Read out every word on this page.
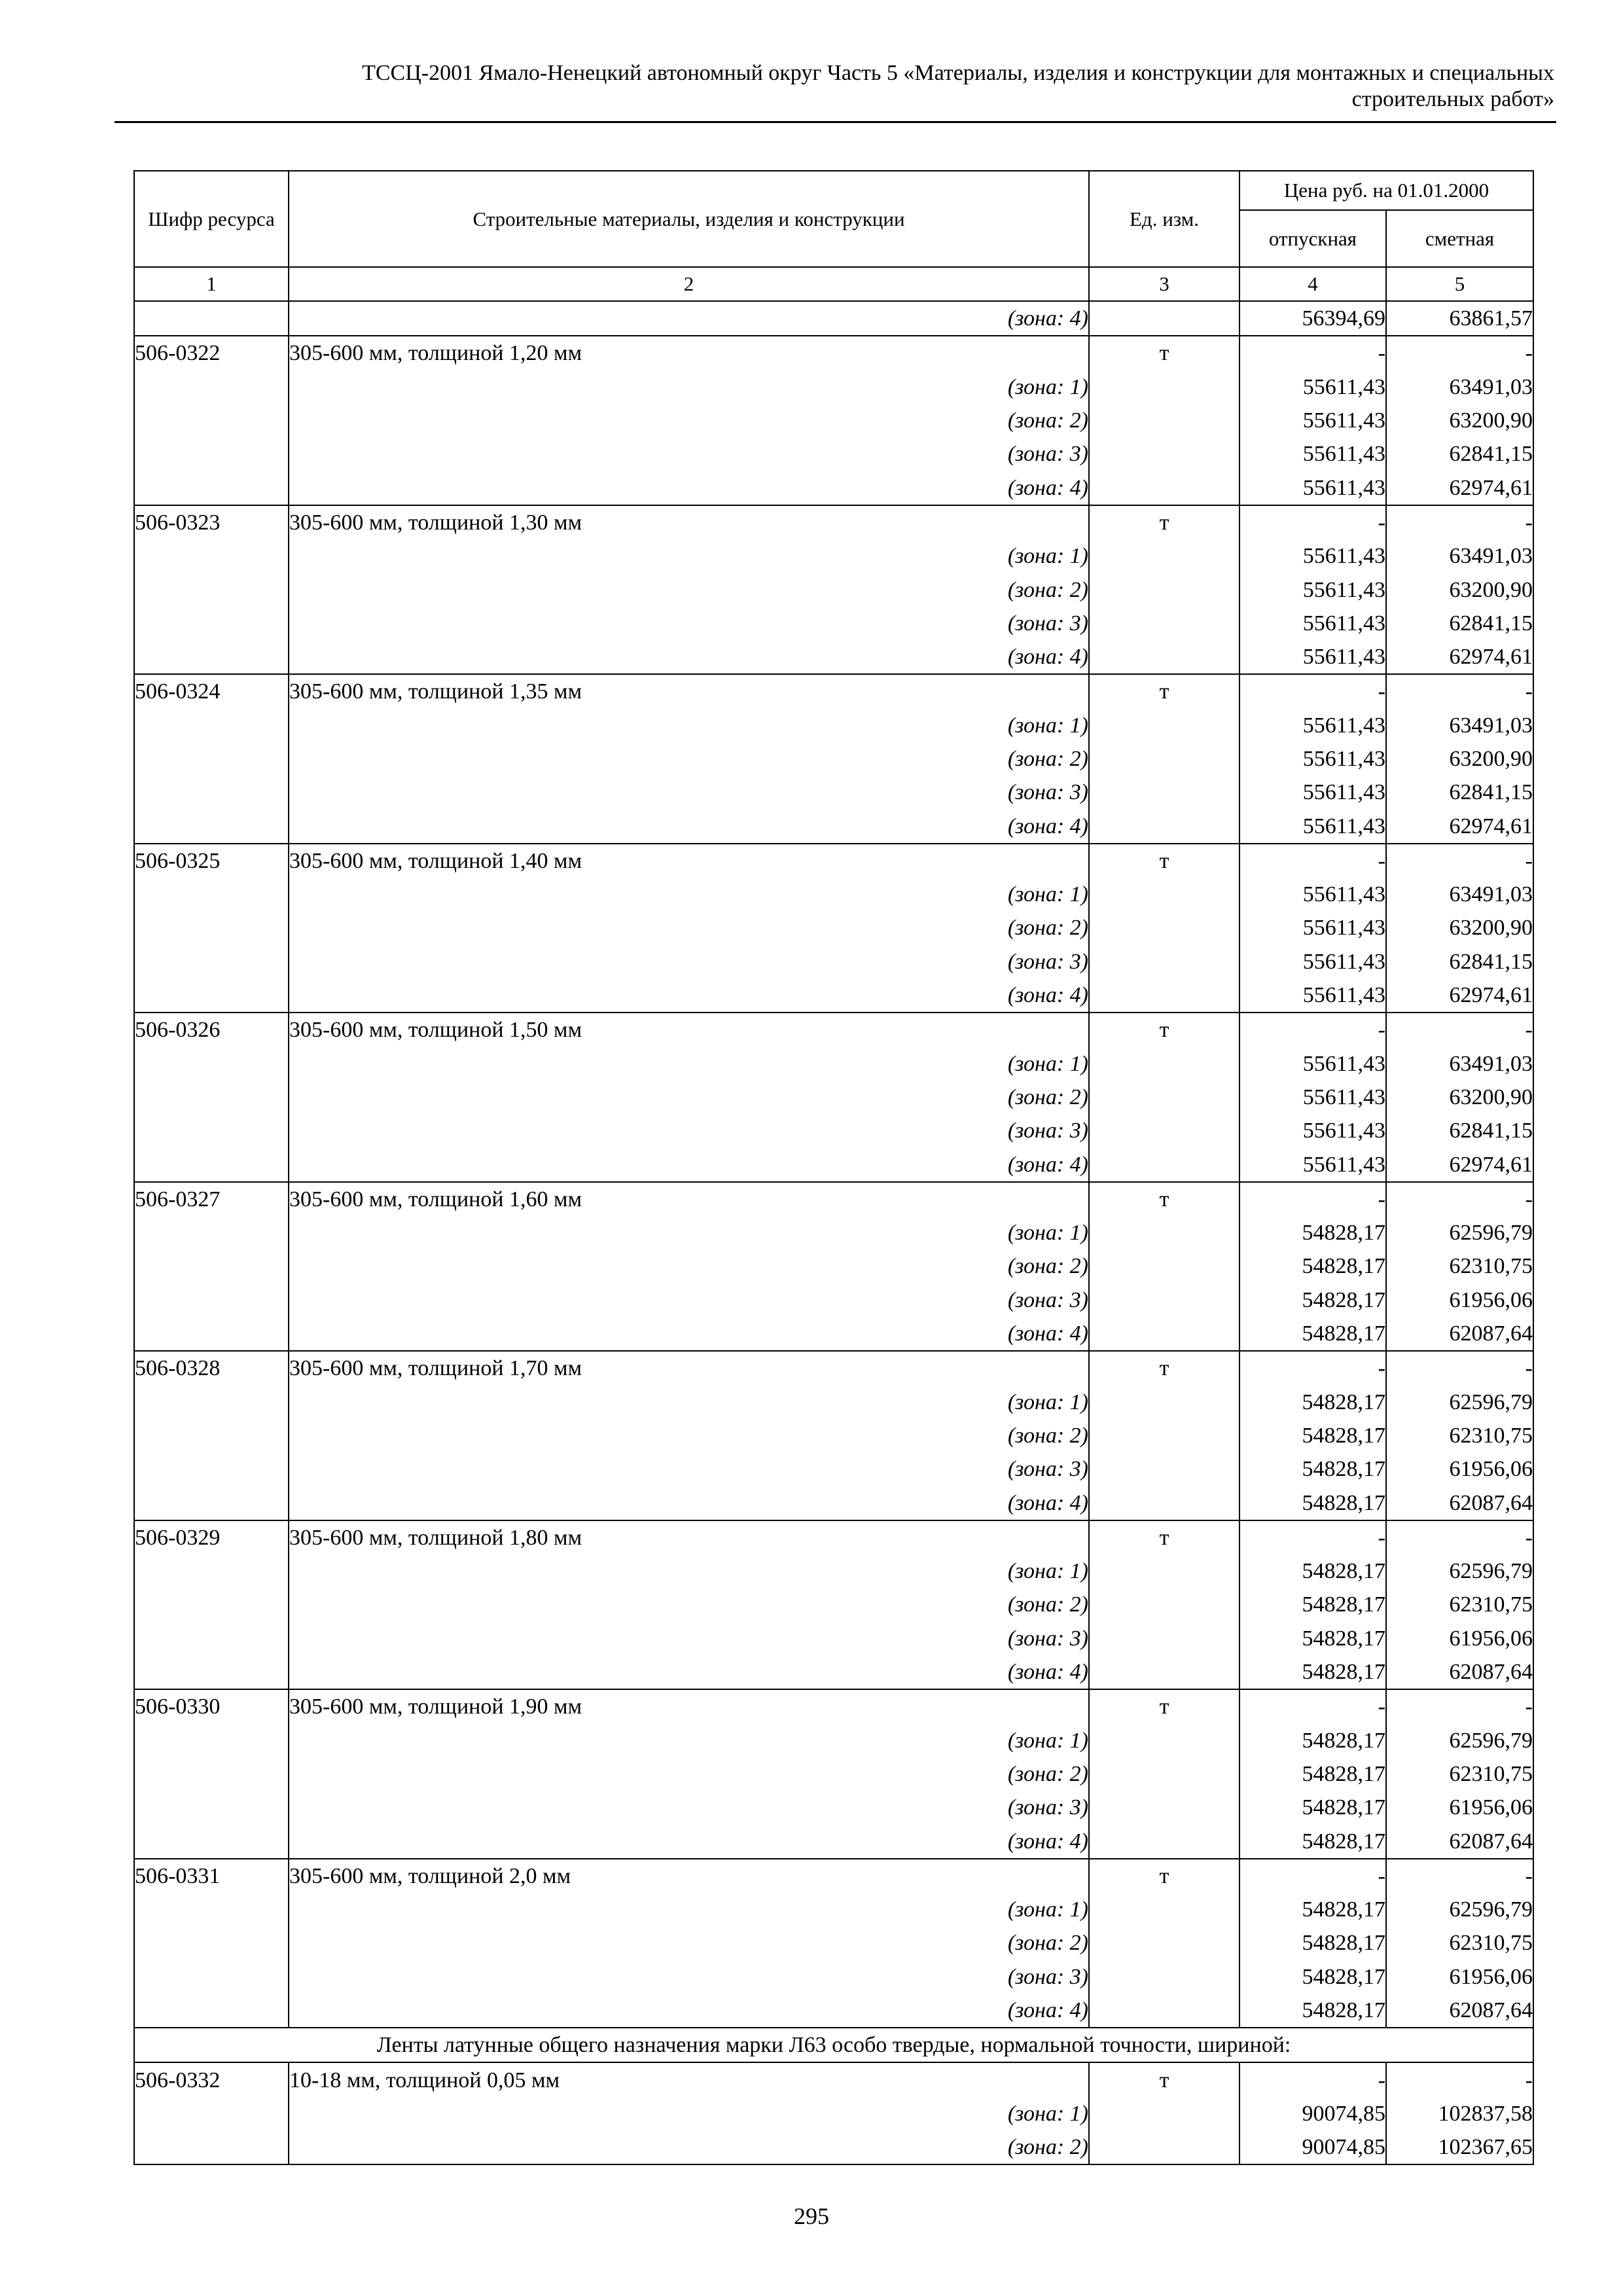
ТССЦ-2001 Ямало-Ненецкий автономный округ Часть 5 «Материалы, изделия и конструкции для монтажных и специальных
строительных работ»
Шифр ресурса	Строительные материалы, изделия и конструкции	Ед. изм.	Цена руб. на 01.01.2000	
			отпускная	сметная
1	2	3	4	5
	(зона: 4)		56394,69	63861,57
506-0322	305-600 мм, толщиной 1,20 мм	т	-	-
	(зона: 1)		55611,43	63491,03
	(зона: 2)		55611,43	63200,90
	(зона: 3)		55611,43	62841,15
	(зона: 4)		55611,43	62974,61
506-0323	305-600 мм, толщиной 1,30 мм	т	-	-
	(зона: 1)		55611,43	63491,03
	(зона: 2)		55611,43	63200,90
	(зона: 3)		55611,43	62841,15
	(зона: 4)		55611,43	62974,61
506-0324	305-600 мм, толщиной 1,35 мм	т	-	-
	(зона: 1)		55611,43	63491,03
	(зона: 2)		55611,43	63200,90
	(зона: 3)		55611,43	62841,15
	(зона: 4)		55611,43	62974,61
506-0325	305-600 мм, толщиной 1,40 мм	т	-	-
	(зона: 1)		55611,43	63491,03
	(зона: 2)		55611,43	63200,90
	(зона: 3)		55611,43	62841,15
	(зона: 4)		55611,43	62974,61
506-0326	305-600 мм, толщиной 1,50 мм	т	-	-
	(зона: 1)		55611,43	63491,03
	(зона: 2)		55611,43	63200,90
	(зона: 3)		55611,43	62841,15
	(зона: 4)		55611,43	62974,61
506-0327	305-600 мм, толщиной 1,60 мм	т	-	-
	(зона: 1)		54828,17	62596,79
	(зона: 2)		54828,17	62310,75
	(зона: 3)		54828,17	61956,06
	(зона: 4)		54828,17	62087,64
506-0328	305-600 мм, толщиной 1,70 мм	т	-	-
	(зона: 1)		54828,17	62596,79
	(зона: 2)		54828,17	62310,75
	(зона: 3)		54828,17	61956,06
	(зона: 4)		54828,17	62087,64
506-0329	305-600 мм, толщиной 1,80 мм	т	-	-
	(зона: 1)		54828,17	62596,79
	(зона: 2)		54828,17	62310,75
	(зона: 3)		54828,17	61956,06
	(зона: 4)		54828,17	62087,64
506-0330	305-600 мм, толщиной 1,90 мм	т	-	-
	(зона: 1)		54828,17	62596,79
	(зона: 2)		54828,17	62310,75
	(зона: 3)		54828,17	61956,06
	(зона: 4)		54828,17	62087,64
506-0331	305-600 мм, толщиной 2,0 мм	т	-	-
	(зона: 1)		54828,17	62596,79
	(зона: 2)		54828,17	62310,75
	(зона: 3)		54828,17	61956,06
	(зона: 4)		54828,17	62087,64
Ленты латунные общего назначения марки Л63 особо твердые, нормальной точности, шириной:				
506-0332	10-18 мм, толщиной 0,05 мм	т	-	-
	(зона: 1)		90074,85	102837,58
	(зона: 2)		90074,85	102367,65
295
